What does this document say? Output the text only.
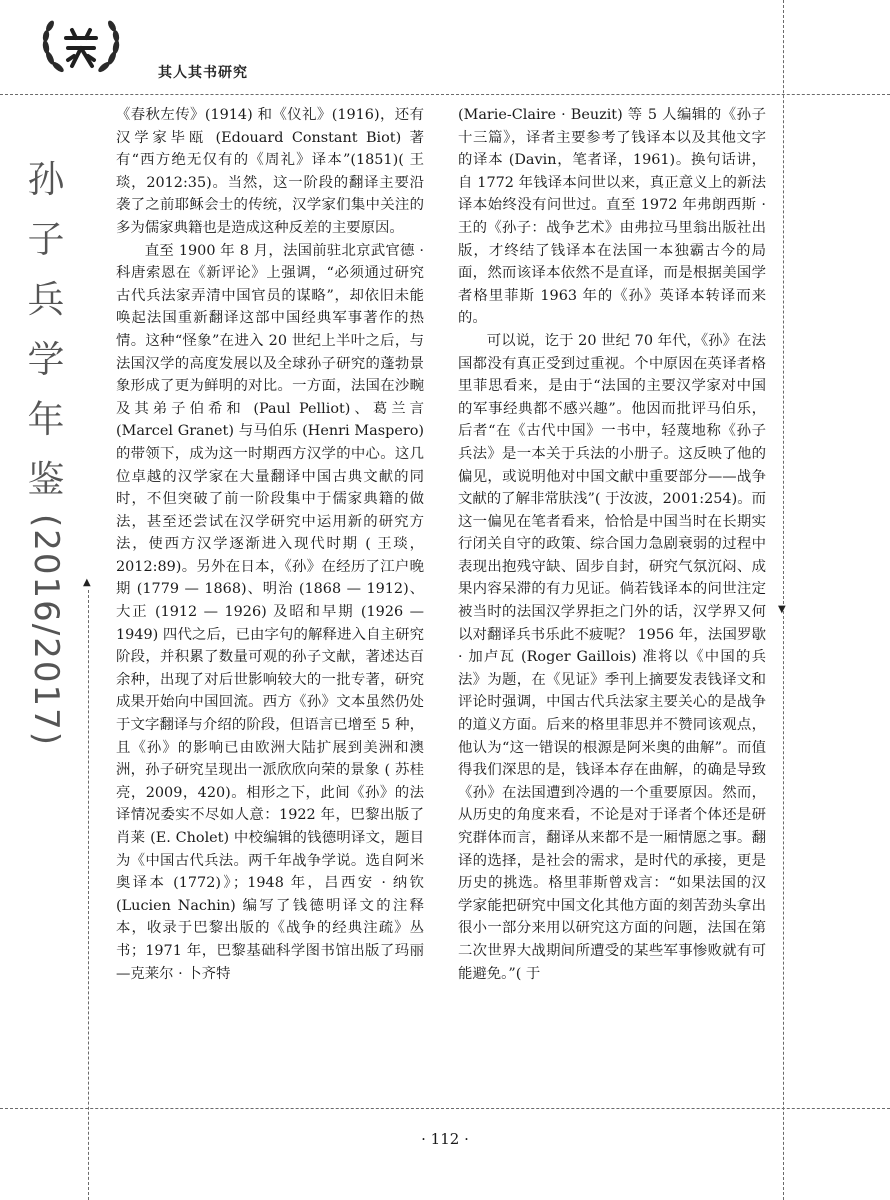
其人其书研究
孙
子
兵
学
年
鉴
(2016/2017) ▲
▼

《春秋左传》(1914) 和《仪礼》(1916)，还有汉学家毕瓯 (Edouard Constant Biot) 著有“西方绝无仅有的《周礼》译本”(1851)( 王琰，2012:35)。当然，这一阶段的翻译主要沿袭了之前耶稣会士的传统，汉学家们集中关注的多为儒家典籍也是造成这种反差的主要原因。

直至 1900 年 8 月，法国前驻北京武官德 · 科唐索恩在《新评论》上强调，“必须通过研究古代兵法家弄清中国官员的谋略”，却依旧未能唤起法国重新翻译这部中国经典军事著作的热情。这种“怪象”在进入 20 世纪上半叶之后，与法国汉学的高度发展以及全球孙子研究的蓬勃景象形成了更为鲜明的对比。一方面，法国在沙畹及其弟子伯希和 (Paul Pelliot)、葛兰言 (Marcel Granet) 与马伯乐 (Henri Maspero) 的带领下，成为这一时期西方汉学的中心。这几位卓越的汉学家在大量翻译中国古典文献的同时，不但突破了前一阶段集中于儒家典籍的做法，甚至还尝试在汉学研究中运用新的研究方法，使西方汉学逐渐进入现代时期 ( 王琰，2012:89)。另外在日本，《孙》在经历了江户晚期 (1779 — 1868)、明治 (1868 — 1912)、大正 (1912 — 1926) 及昭和早期 (1926 — 1949) 四代之后，已由字句的解释进入自主研究阶段，并积累了数量可观的孙子文献，著述达百余种，出现了对后世影响较大的一批专著，研究成果开始向中国回流。西方《孙》文本虽然仍处于文字翻译与介绍的阶段，但语言已增至 5 种，且《孙》的影响已由欧洲大陆扩展到美洲和澳洲，孙子研究呈现出一派欣欣向荣的景象 ( 苏桂亮，2009，420)。相形之下，此间《孙》的法译情况委实不尽如人意：1922 年，巴黎出版了肖莱 (E. Cholet) 中校编辑的钱德明译文，题目为《中国古代兵法。两千年战争学说。选自阿米奥译本 (1772)》；1948 年，吕西安 · 纳钦 (Lucien Nachin) 编写了钱德明译文的注释本，收录于巴黎出版的《战争的经典注疏》丛书；1971 年，巴黎基础科学图书馆出版了玛丽—克莱尔 · 卜齐特

(Marie-Claire · Beuzit) 等 5 人编辑的《孙子十三篇》，译者主要参考了钱译本以及其他文字的译本 (Davin，笔者译，1961)。换句话讲，自 1772 年钱译本问世以来，真正意义上的新法译本始终没有问世过。直至 1972 年弗朗西斯 · 王的《孙子：战争艺术》由弗拉马里翁出版社出版，才终结了钱译本在法国一本独霸古今的局面，然而该译本依然不是直译，而是根据美国学者格里菲斯 1963 年的《孙》英译本转译而来的。

可以说，讫于 20 世纪 70 年代，《孙》在法国都没有真正受到过重视。个中原因在英译者格里菲思看来，是由于“法国的主要汉学家对中国的军事经典都不感兴趣”。他因而批评马伯乐，后者“在《古代中国》一书中，轻蔑地称《孙子兵法》是一本关于兵法的小册子。这反映了他的偏见，或说明他对中国文献中重要部分——战争文献的了解非常肤浅”( 于汝波，2001:254)。而这一偏见在笔者看来，恰恰是中国当时在长期实行闭关自守的政策、综合国力急剧衰弱的过程中表现出抱残守缺、固步自封，研究气氛沉闷、成果内容呆滞的有力见证。倘若钱译本的问世注定被当时的法国汉学界拒之门外的话，汉学界又何以对翻译兵书乐此不疲呢？ 1956 年，法国罗歇 · 加卢瓦 (Roger Gaillois) 准将以《中国的兵法》为题，在《见证》季刊上摘要发表钱译文和评论时强调，中国古代兵法家主要关心的是战争的道义方面。后来的格里菲思并不赞同该观点，他认为“这一错误的根源是阿米奥的曲解”。而值得我们深思的是，钱译本存在曲解，的确是导致《孙》在法国遭到冷遇的一个重要原因。然而，从历史的角度来看，不论是对于译者个体还是研究群体而言，翻译从来都不是一厢情愿之事。翻译的选择，是社会的需求，是时代的承接，更是历史的挑选。格里菲斯曾戏言：“如果法国的汉学家能把研究中国文化其他方面的刻苦劲头拿出很小一部分来用以研究这方面的问题，法国在第二次世界大战期间所遭受的某些军事惨败就有可能避免。”( 于

· 112 ·
